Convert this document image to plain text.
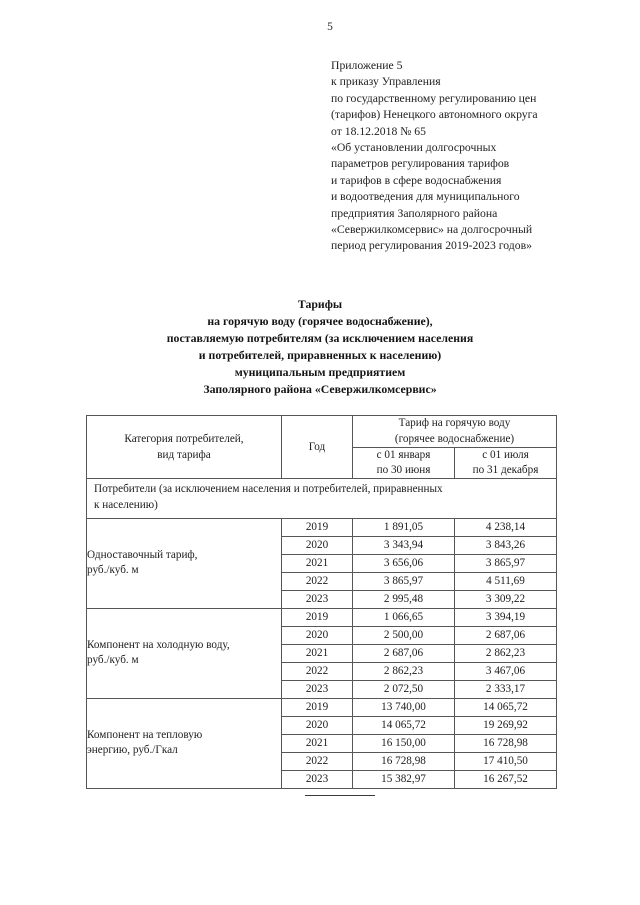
5
Приложение 5
к приказу Управления
по государственному регулированию цен
(тарифов) Ненецкого автономного округа
от 18.12.2018 № 65
«Об установлении долгосрочных
параметров регулирования тарифов
и тарифов в сфере водоснабжения
и водоотведения для муниципального
предприятия Заполярного района
«Севержилкомсервис» на долгосрочный
период регулирования 2019-2023 годов»
Тарифы
на горячую воду (горячее водоснабжение),
поставляемую потребителям (за исключением населения
и потребителей, приравненных к населению)
муниципальным предприятием
Заполярного района «Севержилкомсервис»
Категория потребителей,
вид тарифа
	Год	
Тариф на горячую воду
(горячее водоснабжение)

с 01 января
по 30 июня

с 01 июля
по 31 декабря

Потребители (за исключением населения и потребителей, приравненных
к населению)			

Одноставочный тариф,
руб./куб. м	2019	1 891,05	4 238,14
	2020	3 343,94	3 843,26
	2021	3 656,06	3 865,97
	2022	3 865,97	4 511,69
	2023	2 995,48	3 309,22

Компонент на холодную воду,
руб./куб. м	2019	1 066,65	3 394,19
	2020	2 500,00	2 687,06
	2021	2 687,06	2 862,23
	2022	2 862,23	3 467,06
	2023	2 072,50	2 333,17

Компонент на тепловую
энергию, руб./Гкал	2019	13 740,00	14 065,72
	2020	14 065,72	19 269,92
	2021	16 150,00	16 728,98
	2022	16 728,98	17 410,50
	2023	15 382,97	16 267,52
